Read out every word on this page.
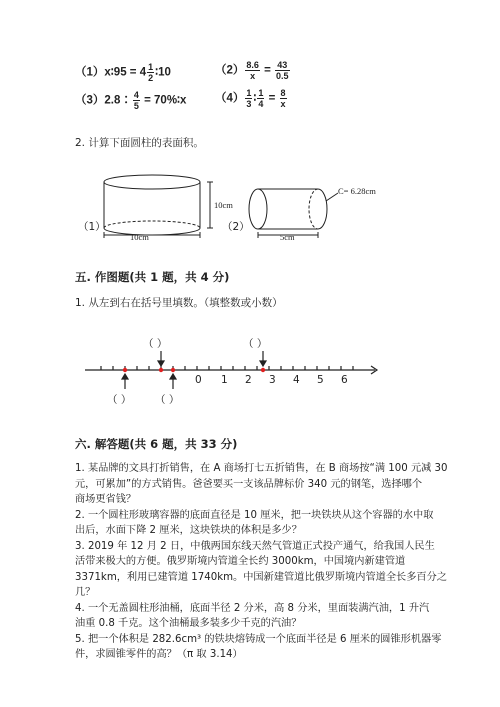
（1）x∶95 = $4 \frac{1}{2}$ ∶10	$(2) \frac{8.6}{x} = \frac{43}{0.5}$
（3）2.8∶ $\frac{4}{5}$ = 70%∶x $(4) \frac{1}{3}$ ∶ $\frac{1}{4} = \frac{8}{x}$
2. 计算下面圆柱的表面积。
10cm
10cm
（1）	（2）
C= 6.28cm
5cm
五. 作图题(共 1 题，共 4 分)
1. 从左到右在括号里填数。（填整数或小数）
0 1 2 3 4 5 6
（ ）	（ ）
（ ） （ ）
六. 解答题(共 6 题，共 33 分)
1. 某品牌的文具打折销售，在 A 商场打七五折销售，在 B 商场按“满 100 元减 30
元，可累加”的方式销售。爸爸要买一支该品牌标价 340 元的钢笔，选择哪个
商场更省钱？
2. 一个圆柱形玻璃容器的底面直径是 10 厘米，把一块铁块从这个容器的水中取
出后，水面下降 2 厘米，这块铁块的体积是多少？
3. 2019 年 12 月 2 日，中俄两国东线天然气管道正式投产通气，给我国人民生
活带来极大的方便。俄罗斯境内管道全长约 3000km，中国境内新建管道
3371km，利用已建管道 1740km。中国新建管道比俄罗斯境内管道全长多百分之
几？
4. 一个无盖圆柱形油桶，底面半径 2 分米，高 8 分米，里面装满汽油，1 升汽
油重 0.8 千克。这个油桶最多装多少千克的汽油？
5. 把一个体积是 282.6cm³ 的铁块熔铸成一个底面半径是 6 厘米的圆锥形机器零
件，求圆锥零件的高？（π 取 3.14）
